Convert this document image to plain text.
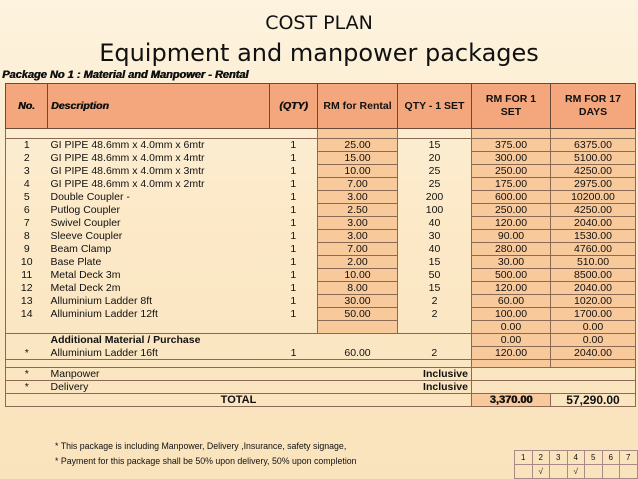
COST PLAN
Equipment and manpower packages
Package No 1 : Material and Manpower - Rental
No.	Description	(QTY)	RM for Rental	QTY - 1 SET	RM FOR 1 SET	RM FOR 17 DAYS

1	GI PIPE 48.6mm x 4.0mm x 6mtr	1	25.00	15	375.00	6375.00
2	GI PIPE 48.6mm x 4.0mm x 4mtr	1	15.00	20	300.00	5100.00
3	GI PIPE 48.6mm x 4.0mm x 3mtr	1	10.00	25	250.00	4250.00
4	GI PIPE 48.6mm x 4.0mm x 2mtr	1	7.00	25	175.00	2975.00
5	Double Coupler -	1	3.00	200	600.00	10200.00
6	Putlog Coupler	1	2.50	100	250.00	4250.00
7	Swivel Coupler	1	3.00	40	120.00	2040.00
8	Sleeve Coupler	1	3.00	30	90.00	1530.00
9	Beam Clamp	1	7.00	40	280.00	4760.00
10	Base Plate	1	2.00	15	30.00	510.00
11	Metal Deck 3m	1	10.00	50	500.00	8500.00
12	Metal Deck 2m	1	8.00	15	120.00	2040.00
13	Alluminium Ladder 8ft	1	30.00	2	60.00	1020.00
14	Alluminium Ladder 12ft	1	50.00	2	100.00	1700.00
					0.00	0.00
	Additional Material / Purchase				0.00	0.00
*	Alluminium Ladder 16ft	1	60.00	2	120.00	2040.00

*	Manpower			Inclusive		
*	Delivery			Inclusive		
TOTAL					3,370.00	57,290.00
* This package is including Manpower, Delivery ,Insurance, safety signage,
* Payment for this package shall be 50% upon delivery, 50% upon completion	1	2	3	4	5	6	7
	√		√			
